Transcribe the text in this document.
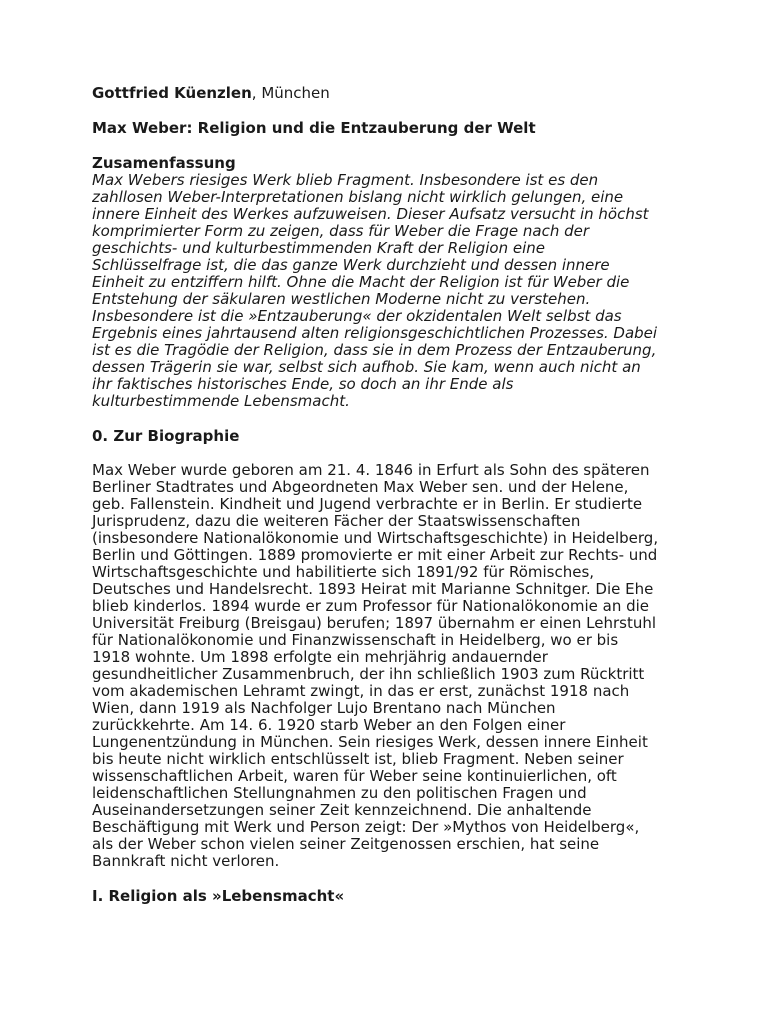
Gottfried Küenzlen, München

Max Weber: Religion und die Entzauberung der Welt

Zusamenfassung

Max Webers riesiges Werk blieb Fragment. Insbesondere ist es den
zahllosen Weber-Interpretationen bislang nicht wirklich gelungen, eine
innere Einheit des Werkes aufzuweisen. Dieser Aufsatz versucht in höchst
komprimierter Form zu zeigen, dass für Weber die Frage nach der
geschichts- und kulturbestimmenden Kraft der Religion eine
Schlüsselfrage ist, die das ganze Werk durchzieht und dessen innere
Einheit zu entziffern hilft. Ohne die Macht der Religion ist für Weber die
Entstehung der säkularen westlichen Moderne nicht zu verstehen.
Insbesondere ist die »Entzauberung« der okzidentalen Welt selbst das
Ergebnis eines jahrtausend alten religionsgeschichtlichen Prozesses. Dabei
ist es die Tragödie der Religion, dass sie in dem Prozess der Entzauberung,
dessen Trägerin sie war, selbst sich aufhob. Sie kam, wenn auch nicht an
ihr faktisches historisches Ende, so doch an ihr Ende als
kulturbestimmende Lebensmacht.

0. Zur Biographie

Max Weber wurde geboren am 21. 4. 1846 in Erfurt als Sohn des späteren
Berliner Stadtrates und Abgeordneten Max Weber sen. und der Helene,
geb. Fallenstein. Kindheit und Jugend verbrachte er in Berlin. Er studierte
Jurisprudenz, dazu die weiteren Fächer der Staatswissenschaften
(insbesondere Nationalökonomie und Wirtschaftsgeschichte) in Heidelberg,
Berlin und Göttingen. 1889 promovierte er mit einer Arbeit zur Rechts- und
Wirtschaftsgeschichte und habilitierte sich 1891/92 für Römisches,
Deutsches und Handelsrecht. 1893 Heirat mit Marianne Schnitger. Die Ehe
blieb kinderlos. 1894 wurde er zum Professor für Nationalökonomie an die
Universität Freiburg (Breisgau) berufen; 1897 übernahm er einen Lehrstuhl
für Nationalökonomie und Finanzwissenschaft in Heidelberg, wo er bis
1918 wohnte. Um 1898 erfolgte ein mehrjährig andauernder
gesundheitlicher Zusammenbruch, der ihn schließlich 1903 zum Rücktritt
vom akademischen Lehramt zwingt, in das er erst, zunächst 1918 nach
Wien, dann 1919 als Nachfolger Lujo Brentano nach München
zurückkehrte. Am 14. 6. 1920 starb Weber an den Folgen einer
Lungenentzündung in München. Sein riesiges Werk, dessen innere Einheit
bis heute nicht wirklich entschlüsselt ist, blieb Fragment. Neben seiner
wissenschaftlichen Arbeit, waren für Weber seine kontinuierlichen, oft
leidenschaftlichen Stellungnahmen zu den politischen Fragen und
Auseinandersetzungen seiner Zeit kennzeichnend. Die anhaltende
Beschäftigung mit Werk und Person zeigt: Der »Mythos von Heidelberg«,
als der Weber schon vielen seiner Zeitgenossen erschien, hat seine
Bannkraft nicht verloren.

I. Religion als »Lebensmacht«
